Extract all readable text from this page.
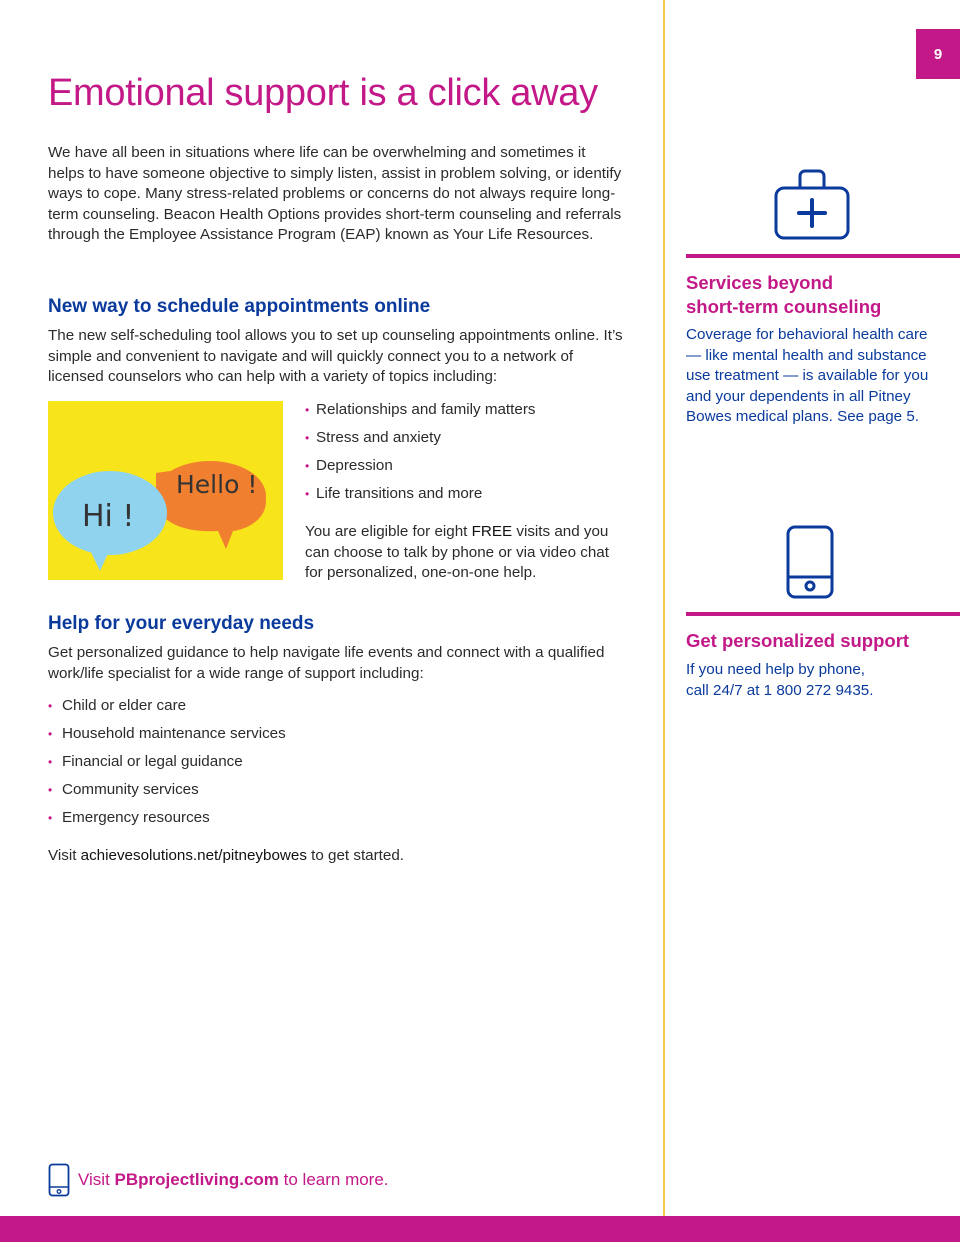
9
Emotional support is a click away

We have all been in situations where life can be overwhelming and sometimes it helps to have someone objective to simply listen, assist in problem solving, or identify ways to cope. Many stress-related problems or concerns do not always require long-term counseling. Beacon Health Options provides short-term counseling and referrals through the Employee Assistance Program (EAP) known as Your Life Resources.

New way to schedule appointments online

The new self-scheduling tool allows you to set up counseling appointments online. It’s simple and convenient to navigate and will quickly connect you to a network of licensed counselors who can help with a variety of topics including:

Hi !
Hello !
• Relationships and family matters
• Stress and anxiety
• Depression
• Life transitions and more

You are eligible for eight FREE visits and you can choose to talk by phone or via video chat for personalized, one-on-one help.

Help for your everyday needs

Get personalized guidance to help navigate life events and connect with a qualified work/life specialist for a wide range of support including:

• Child or elder care
• Household maintenance services
• Financial or legal guidance
• Community services
• Emergency resources

Visit achievesolutions.net/pitneybowes to get started.

Visit PBprojectliving.com to learn more.
Services beyond
short-term counseling

Coverage for behavioral health care — like mental health and substance use treatment — is available for you and your dependents in all Pitney Bowes medical plans. See page 5.

Get personalized support

If you need help by phone,
call 24/7 at 1 800 272 9435.
